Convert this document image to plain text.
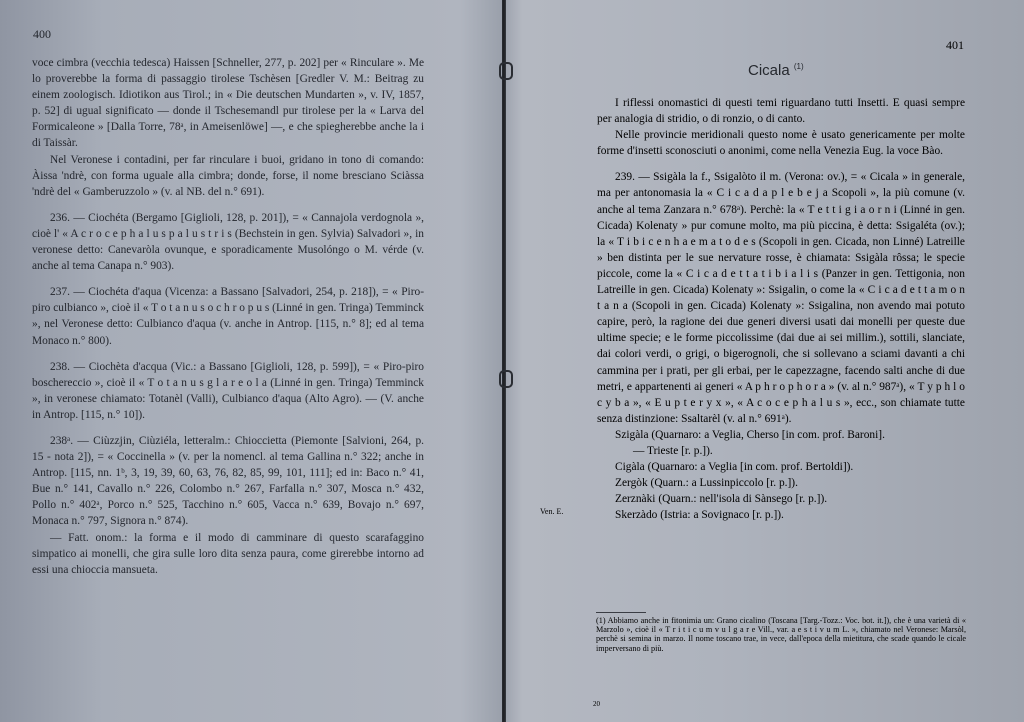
400

voce cimbra (vecchia tedesca) Haissen [Schneller, 277, p. 202] per « Rinculare ». Me lo proverebbe la forma di passaggio tirolese Tschèsen [Gredler V. M.: Beitrag zu einem zoologisch. Idiotikon aus Tirol.; in « Die deutschen Mundarten », v. IV, 1857, p. 52] di ugual significato — donde il Tschesemandl pur tirolese per la « Larva del Formicaleone » [Dalla Torre, 78ᵃ, in Ameisenlöwe] —, e che spiegherebbe anche la i di Taissàr.

Nel Veronese i contadini, per far rinculare i buoi, gridano in tono di comando: Àissa 'ndrè, con forma uguale alla cimbra; donde, forse, il nome bresciano Sciàssa 'ndrè del « Gamberuzzolo » (v. al NB. del n.° 691).

236. — Ciochéta (Bergamo [Giglioli, 128, p. 201]), = « Cannajola verdognola », cioè l' « A c r o c e p h a l u s p a l u s t r i s (Bechstein in gen. Sylvia) Salvadori », in veronese detto: Canevaròla ovunque, e sporadicamente Musolóngo o M. vérde (v. anche al tema Canapa n.° 903).

237. — Ciochéta d'aqua (Vicenza: a Bassano [Salvadori, 254, p. 218]), = « Piro-piro culbianco », cioè il « T o t a n u s o c h r o p u s (Linné in gen. Tringa) Temminck », nel Veronese detto: Culbianco d'aqua (v. anche in Antrop. [115, n.° 8]; ed al tema Monaco n.° 800).

238. — Ciochèta d'acqua (Vic.: a Bassano [Giglioli, 128, p. 599]), = « Piro-piro boschereccio », cioè il « T o t a n u s g l a r e o l a (Linné in gen. Tringa) Temminck », in veronese chiamato: Totanèl (Valli), Culbianco d'aqua (Alto Agro). — (V. anche in Antrop. [115, n.° 10]).

238ᵃ. — Ciùzzjin, Ciùziéla, letteralm.: Chioccietta (Piemonte [Salvioni, 264, p. 15 - nota 2]), = « Coccinella » (v. per la nomencl. al tema Gallina n.° 322; anche in Antrop. [115, nn. 1ᵇ, 3, 19, 39, 60, 63, 76, 82, 85, 99, 101, 111]; ed in: Baco n.° 41, Bue n.° 141, Cavallo n.° 226, Colombo n.° 267, Farfalla n.° 307, Mosca n.° 432, Pollo n.° 402ᵃ, Porco n.° 525, Tacchino n.° 605, Vacca n.° 639, Bovajo n.° 697, Monaca n.° 797, Signora n.° 874).

— Fatt. onom.: la forma e il modo di camminare di questo scarafaggino simpatico ai monelli, che gira sulle loro dita senza paura, come girerebbe intorno ad essi una chioccia mansueta.

401
Cicala $^{(1)}$

I riflessi onomastici di questi temi riguardano tutti Insetti. E quasi sempre per analogia di stridio, o di ronzio, o di canto.

Nelle provincie meridionali questo nome è usato genericamente per molte forme d'insetti sconosciuti o anonimi, come nella Venezia Eug. la voce Bào.

239. — Ssigàla la f., Ssigalòto il m. (Verona: ov.), = « Cicala » in generale, ma per antonomasia la « C i c a d a p l e b e j a Scopoli », la più comune (v. anche al tema Zanzara n.° 678ᵃ). Perchè: la « T e t t i g i a o r n i (Linné in gen. Cicada) Kolenaty » pur comune molto, ma più piccina, è detta: Ssigaléta (ov.); la « T i b i c e n h a e m a t o d e s (Scopoli in gen. Cicada, non Linné) Latreille » ben distinta per le sue nervature rosse, è chiamata: Ssigàla rôssa; le specie piccole, come la « C i c a d e t t a t i b i a l i s (Panzer in gen. Tettigonia, non Latreille in gen. Cicada) Kolenaty »: Ssigalin, o come la « C i c a d e t t a m o n t a n a (Scopoli in gen. Cicada) Kolenaty »: Ssigalina, non avendo mai potuto capire, però, la ragione dei due generi diversi usati dai monelli per queste due ultime specie; e le forme piccolissime (dai due ai sei millim.), sottili, slanciate, dai colori verdi, o grigi, o bigerognoli, che si sollevano a sciami davanti a chi cammina per i prati, per gli erbai, per le capezzagne, facendo salti anche di due metri, e appartenenti ai generi « A p h r o p h o r a » (v. al n.° 987ᵃ), « T y p h l o c y b a », « E u p t e r y x », « A c o c e p h a l u s », ecc., son chiamate tutte senza distinzione: Ssaltarèl (v. al n.° 691ᵃ).

Szigàla (Quarnaro: a Veglia, Cherso [in com. prof. Baroni].

— Trieste [r. p.]).

Cigàla (Quarnaro: a Veglia [in com. prof. Bertoldi]).

Zergòk (Quarn.: a Lussinpiccolo [r. p.]).

Zerznàki (Quarn.: nell'isola di Sànsego [r. p.]).

Skerzàdo (Istria: a Sovignaco [r. p.]).

Ven. E.
(1) Abbiamo anche in fitonimia un: Grano cicalino (Toscana [Targ.-Tozz.: Voc. bot. it.]), che è una varietà di « Marzolo », cioè il « T r i t i c u m v u l g a r e Vill., var. a e s t i v u m L. », chiamato nel Veronese: Marsòl, perchè si semina in marzo. Il nome toscano trae, in vece, dall'epoca della mietitura, che scade quando le cicale imperversano di più.
20
